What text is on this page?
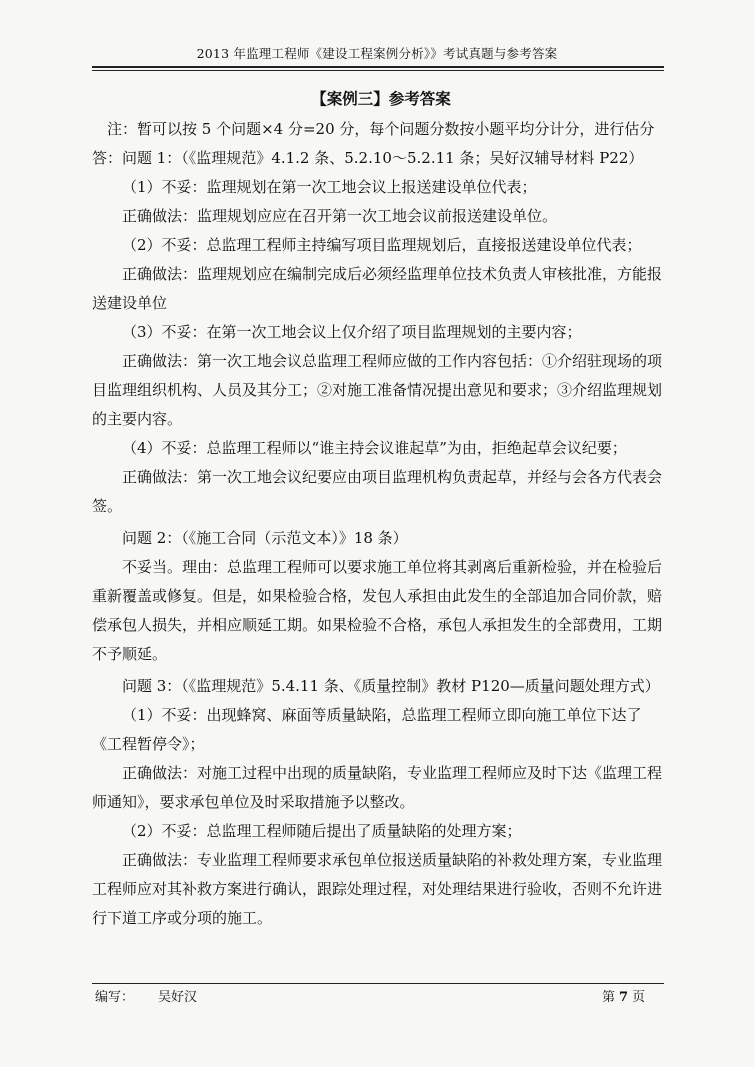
2013 年监理工程师《建设工程案例分析》》考试真题与参考答案

【案例三】参考答案

注：暂可以按 5 个问题×4 分=20 分，每个问题分数按小题平均分计分，进行估分

答：问题 1：（《监理规范》4.1.2 条、5.2.10～5.2.11 条；吴好汉辅导材料 P22）

（1）不妥：监理规划在第一次工地会议上报送建设单位代表；

正确做法：监理规划应应在召开第一次工地会议前报送建设单位。

（2）不妥：总监理工程师主持编写项目监理规划后，直接报送建设单位代表；

正确做法：监理规划应在编制完成后必须经监理单位技术负责人审核批准，方能报送建设单位

（3）不妥：在第一次工地会议上仅介绍了项目监理规划的主要内容；

正确做法：第一次工地会议总监理工程师应做的工作内容包括：①介绍驻现场的项目监理组织机构、人员及其分工；②对施工准备情况提出意见和要求；③介绍监理规划的主要内容。

（4）不妥：总监理工程师以“谁主持会议谁起草”为由，拒绝起草会议纪要；

正确做法：第一次工地会议纪要应由项目监理机构负责起草，并经与会各方代表会签。

问题 2：（《施工合同（示范文本）》18 条）

不妥当。理由：总监理工程师可以要求施工单位将其剥离后重新检验，并在检验后重新覆盖或修复。但是，如果检验合格，发包人承担由此发生的全部追加合同价款，赔偿承包人损失，并相应顺延工期。如果检验不合格，承包人承担发生的全部费用，工期不予顺延。

问题 3：（《监理规范》5.4.11 条、《质量控制》教材 P120—质量问题处理方式）

（1）不妥：出现蜂窝、麻面等质量缺陷，总监理工程师立即向施工单位下达了《工程暂停令》；

正确做法：对施工过程中出现的质量缺陷，专业监理工程师应及时下达《监理工程师通知》，要求承包单位及时采取措施予以整改。

（2）不妥：总监理工程师随后提出了质量缺陷的处理方案；

正确做法：专业监理工程师要求承包单位报送质量缺陷的补救处理方案，专业监理工程师应对其补救方案进行确认，跟踪处理过程，对处理结果进行验收，否则不允许进行下道工序或分项的施工。

编写： 吴好汉	第 7 页
